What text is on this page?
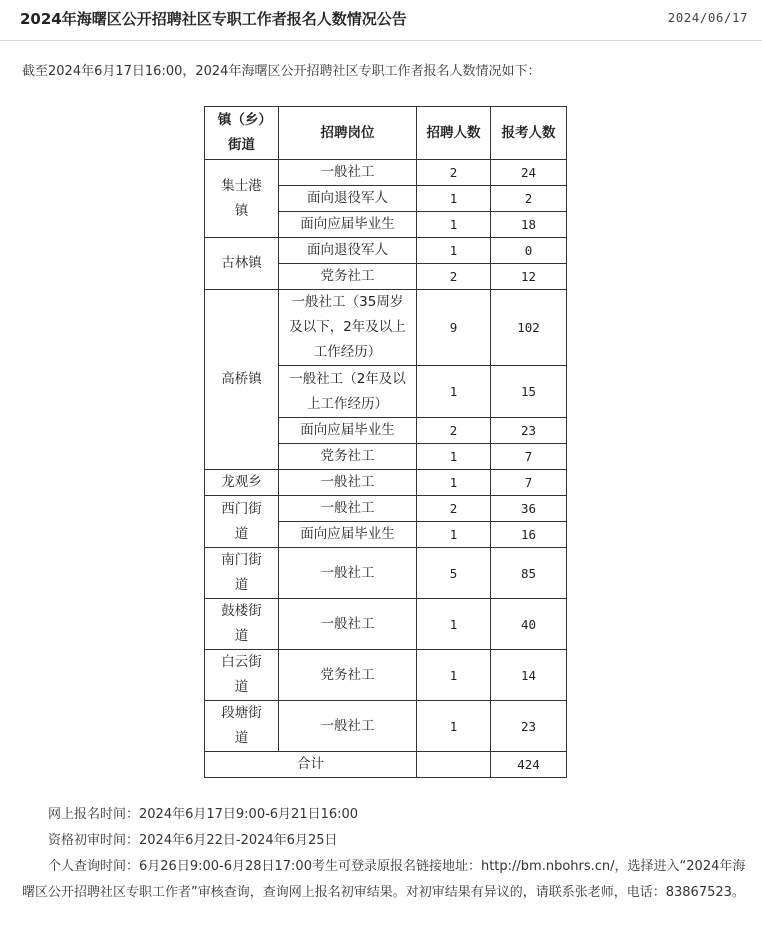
2024年海曙区公开招聘社区专职工作者报名人数情况公告	2024/06/17
截至2024年6月17日16:00，2024年海曙区公开招聘社区专职工作者报名人数情况如下：
镇（乡）街道	招聘岗位	招聘人数	报考人数

集士港镇	一般社工	2	24
	面向退役军人	1	2
	面向应届毕业生	1	18

古林镇	面向退役军人	1	0
	党务社工	2	12

高桥镇	一般社工（35周岁及以下，2年及以上工作经历）	9	102

	一般社工（2年及以上工作经历）	1	15
	面向应届毕业生	2	23
	党务社工	1	7

龙观乡	一般社工	1	7

西门街道	一般社工	2	36
	面向应届毕业生	1	16

南门街道	一般社工	5	85

鼓楼街道	一般社工	1	40

白云街道	党务社工	1	14

段塘街道	一般社工	1	23
合计			424

网上报名时间：2024年6月17日9:00-6月21日16:00

资格初审时间：2024年6月22日-2024年6月25日

个人查询时间：6月26日9:00-6月28日17:00考生可登录原报名链接地址：http://bm.nbohrs.cn/，选择进入“2024年海曙区公开招聘社区专职工作者”审核查询，查询网上报名初审结果。对初审结果有异议的，请联系张老师，电话：83867523。
